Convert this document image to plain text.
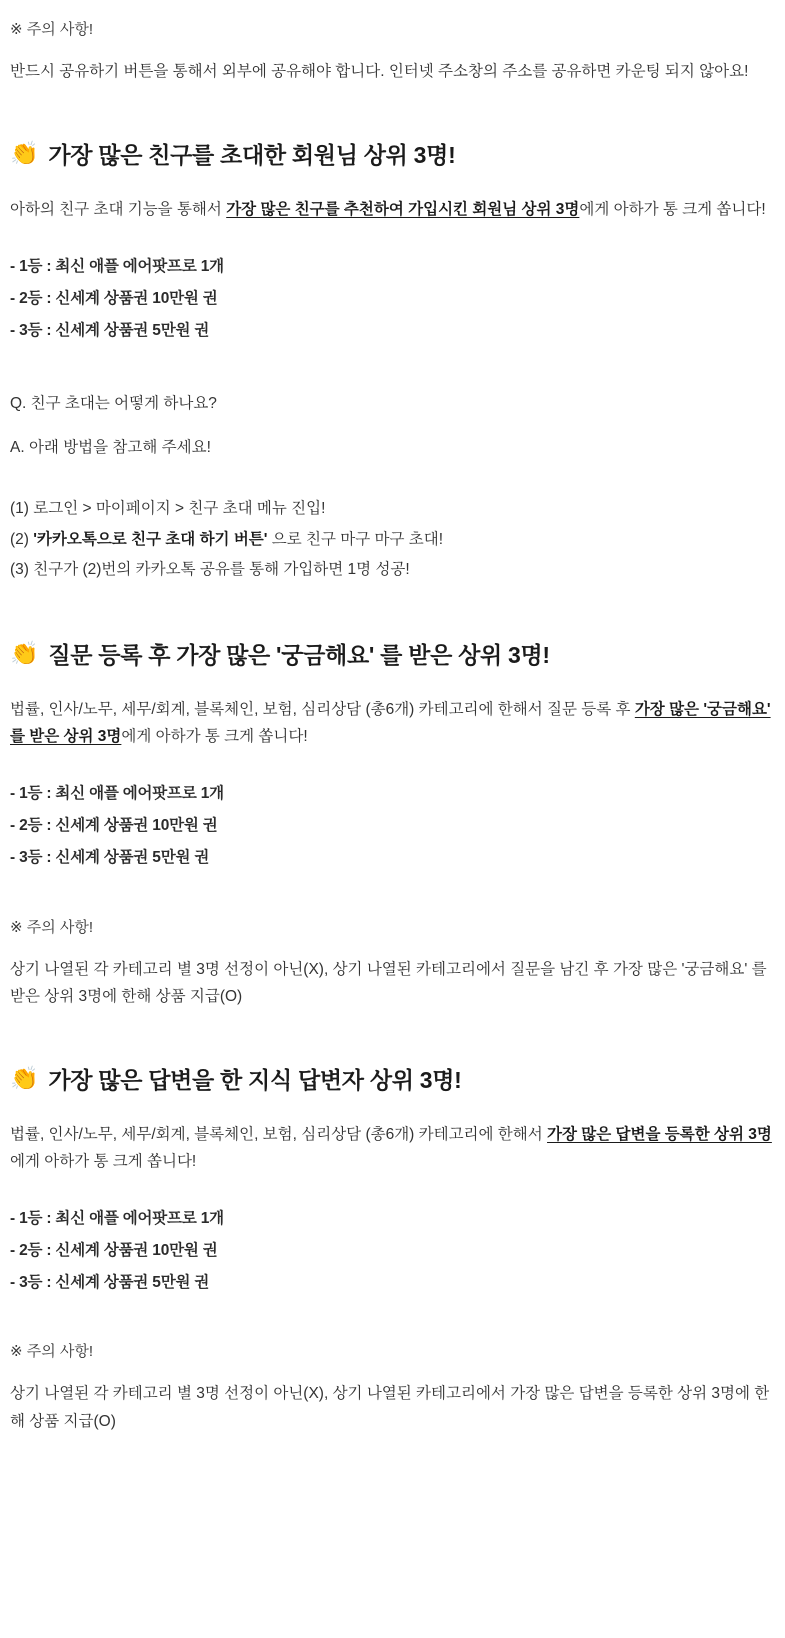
※ 주의 사항!

반드시 공유하기 버튼을 통해서 외부에 공유해야 합니다. 인터넷 주소창의 주소를 공유하면 카운팅 되지 않아요!

👏 가장 많은 친구를 초대한 회원님 상위 3명!

아하의 친구 초대 기능을 통해서 가장 많은 친구를 추천하여 가입시킨 회원님 상위 3명에게 아하가 통 크게 쏩니다!

- 1등 : 최신 애플 에어팟프로 1개
- 2등 : 신세계 상품권 10만원 권
- 3등 : 신세계 상품권 5만원 권

Q. 친구 초대는 어떻게 하나요?

A. 아래 방법을 참고해 주세요!

(1) 로그인 > 마이페이지 > 친구 초대 메뉴 진입!
(2) '카카오톡으로 친구 초대 하기 버튼' 으로 친구 마구 마구 초대!
(3) 친구가 (2)번의 카카오톡 공유를 통해 가입하면 1명 성공!
👏 질문 등록 후 가장 많은 '궁금해요' 를 받은 상위 3명!

법률, 인사/노무, 세무/회계, 블록체인, 보험, 심리상담 (총6개) 카테고리에 한해서 질문 등록 후 가장 많은 '궁금해요' 를 받은 상위 3명에게 아하가 통 크게 쏩니다!

- 1등 : 최신 애플 에어팟프로 1개
- 2등 : 신세계 상품권 10만원 권
- 3등 : 신세계 상품권 5만원 권

※ 주의 사항!

상기 나열된 각 카테고리 별 3명 선정이 아닌(X), 상기 나열된 카테고리에서 질문을 남긴 후 가장 많은 '궁금해요' 를 받은 상위 3명에 한해 상품 지급(O)

👏 가장 많은 답변을 한 지식 답변자 상위 3명!

법률, 인사/노무, 세무/회계, 블록체인, 보험, 심리상담 (총6개) 카테고리에 한해서 가장 많은 답변을 등록한 상위 3명에게 아하가 통 크게 쏩니다!

- 1등 : 최신 애플 에어팟프로 1개
- 2등 : 신세계 상품권 10만원 권
- 3등 : 신세계 상품권 5만원 권

※ 주의 사항!

상기 나열된 각 카테고리 별 3명 선정이 아닌(X), 상기 나열된 카테고리에서 가장 많은 답변을 등록한 상위 3명에 한해 상품 지급(O)
